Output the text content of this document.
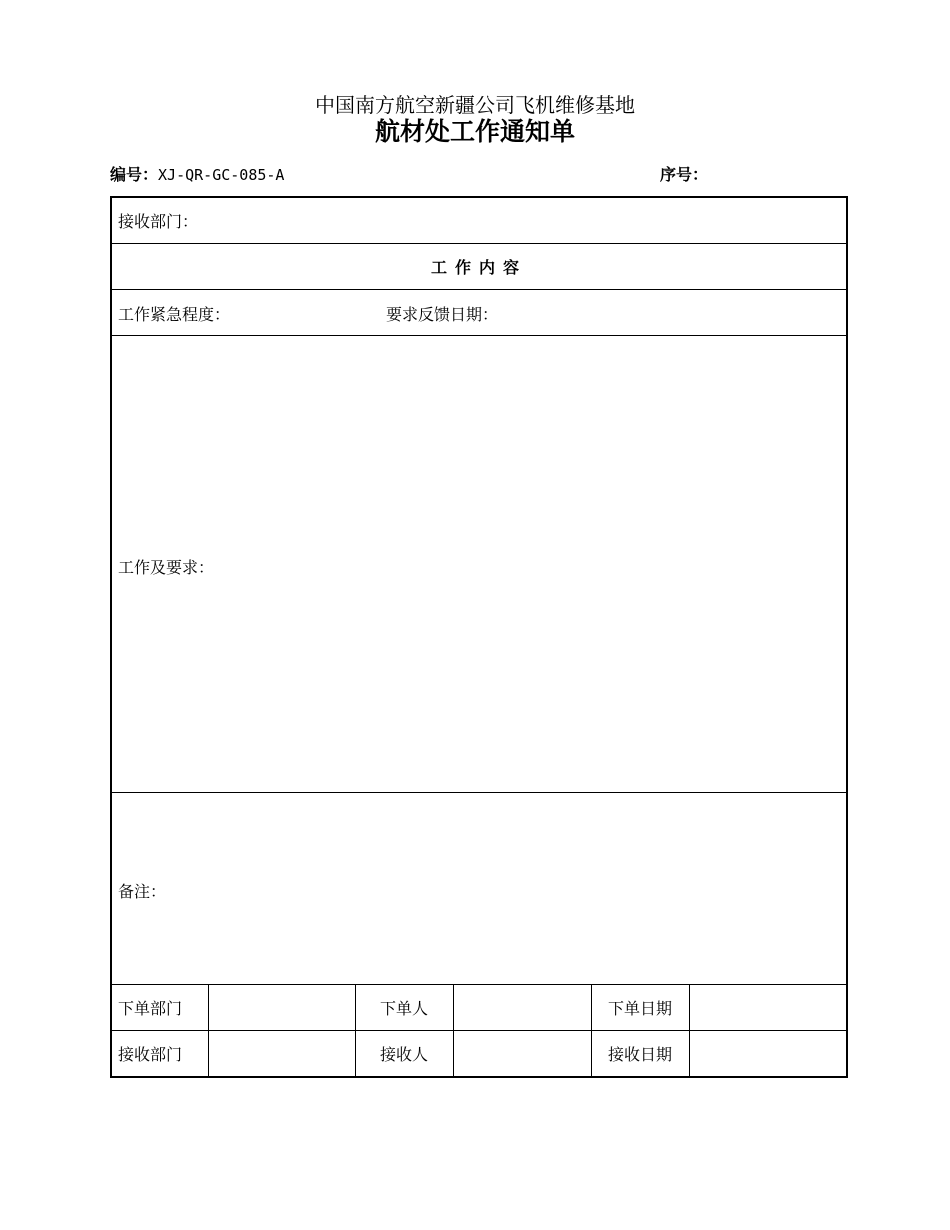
中国南方航空新疆公司飞机维修基地
航材处工作通知单
编号：XJ-QR-GC-085-A	序号：
接收部门：					
工作内容					

工作紧急程度： 要求反馈日期：					

工作及要求：					

备注：					

下单部门		下单人		下单日期	
接收部门		接收人		接收日期	
